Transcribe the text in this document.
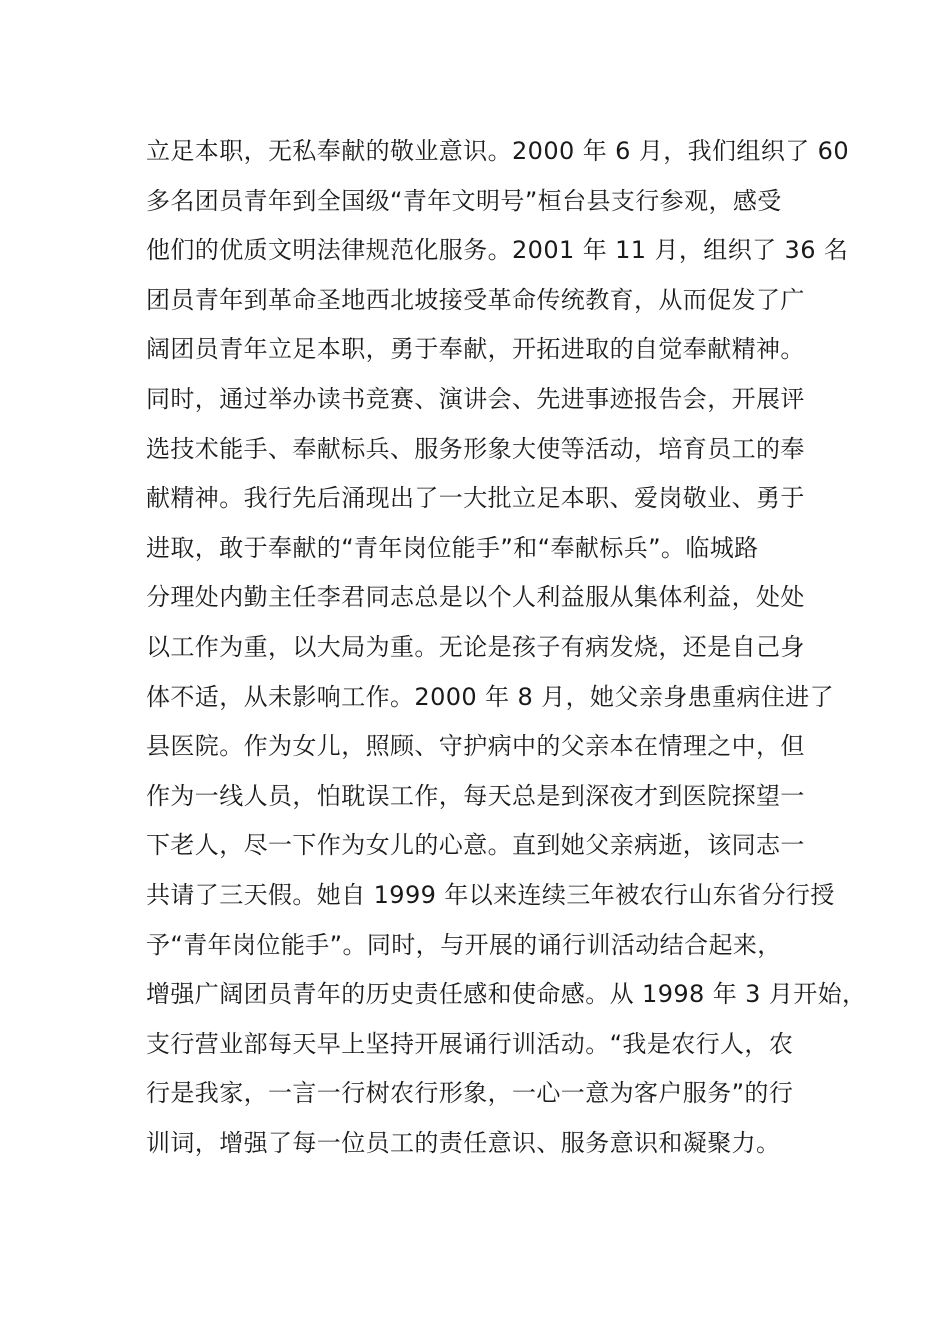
立足本职，无私奉献的敬业意识。2000 年 6 月，我们组织了 60
多名团员青年到全国级“青年文明号”桓台县支行参观，感受
他们的优质文明法律规范化服务。2001 年 11 月，组织了 36 名
团员青年到革命圣地西北坡接受革命传统教育，从而促发了广
阔团员青年立足本职，勇于奉献，开拓进取的自觉奉献精神。
同时，通过举办读书竞赛、演讲会、先进事迹报告会，开展评
选技术能手、奉献标兵、服务形象大使等活动，培育员工的奉
献精神。我行先后涌现出了一大批立足本职、爱岗敬业、勇于
进取，敢于奉献的“青年岗位能手”和“奉献标兵”。临城路
分理处内勤主任李君同志总是以个人利益服从集体利益，处处
以工作为重，以大局为重。无论是孩子有病发烧，还是自己身
体不适，从未影响工作。2000 年 8 月，她父亲身患重病住进了
县医院。作为女儿，照顾、守护病中的父亲本在情理之中，但
作为一线人员，怕耽误工作，每天总是到深夜才到医院探望一
下老人，尽一下作为女儿的心意。直到她父亲病逝，该同志一
共请了三天假。她自 1999 年以来连续三年被农行山东省分行授
予“青年岗位能手”。同时，与开展的诵行训活动结合起来，
增强广阔团员青年的历史责任感和使命感。从 1998 年 3 月开始，
支行营业部每天早上坚持开展诵行训活动。“我是农行人，农
行是我家，一言一行树农行形象，一心一意为客户服务”的行
训词，增强了每一位员工的责任意识、服务意识和凝聚力。
